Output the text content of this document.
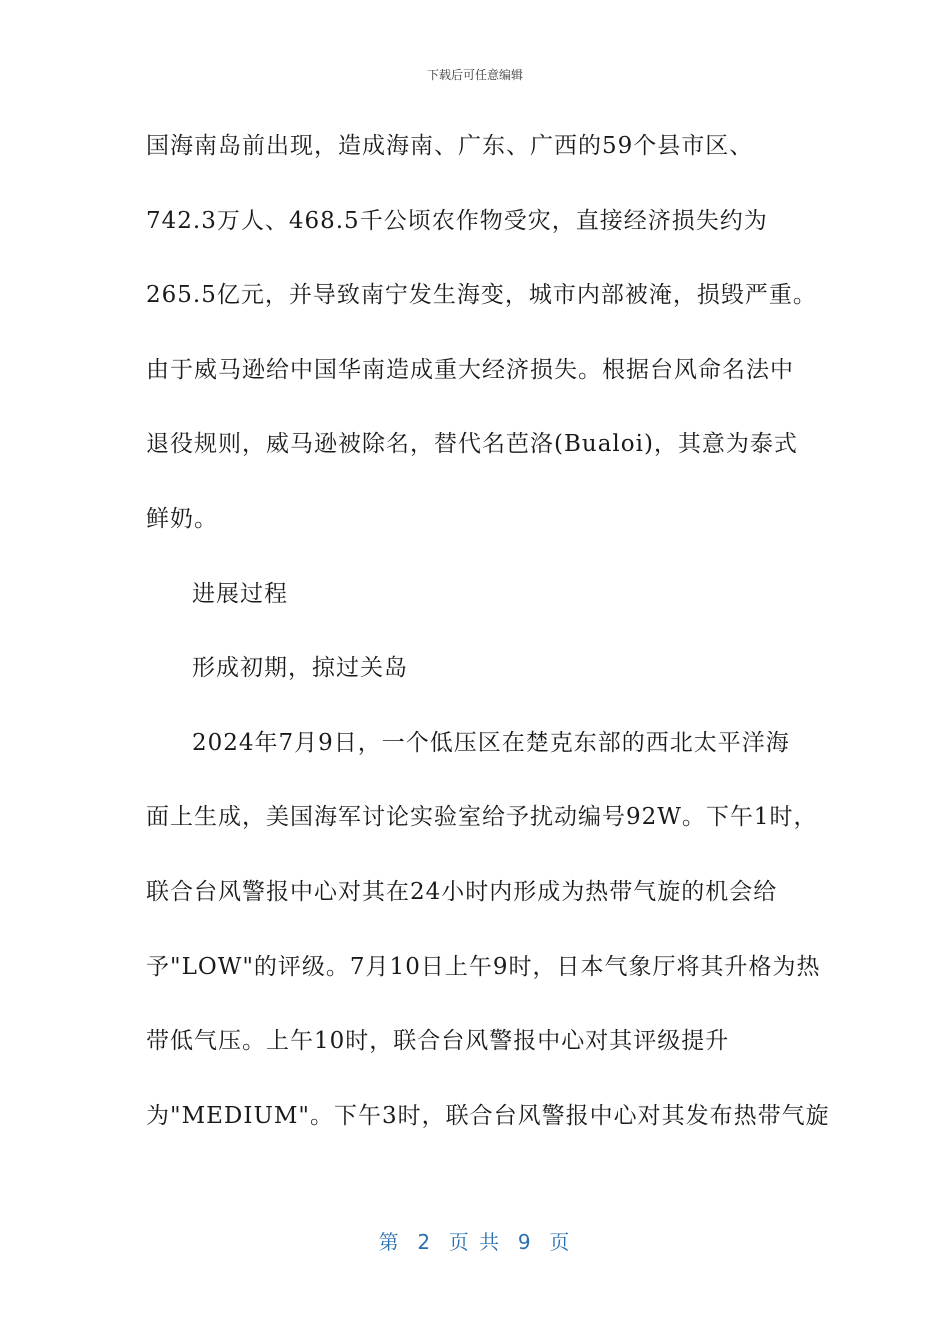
下载后可任意编辑
国海南岛前出现，造成海南、广东、广西的59个县市区、
742.3万人、468.5千公顷农作物受灾，直接经济损失约为
265.5亿元，并导致南宁发生海变，城市内部被淹，损毁严重。
由于威马逊给中国华南造成重大经济损失。根据台风命名法中
退役规则，威马逊被除名，替代名芭洛(Bualoi)，其意为泰式
鲜奶。
进展过程
形成初期，掠过关岛
2024年7月9日，一个低压区在楚克东部的西北太平洋海
面上生成，美国海军讨论实验室给予扰动编号92W。下午1时，
联合台风警报中心对其在24小时内形成为热带气旋的机会给
予"LOW"的评级。7月10日上午9时，日本气象厅将其升格为热
带低气压。上午10时，联合台风警报中心对其评级提升
为"MEDIUM"。下午3时，联合台风警报中心对其发布热带气旋
第  2  页 共  9  页
